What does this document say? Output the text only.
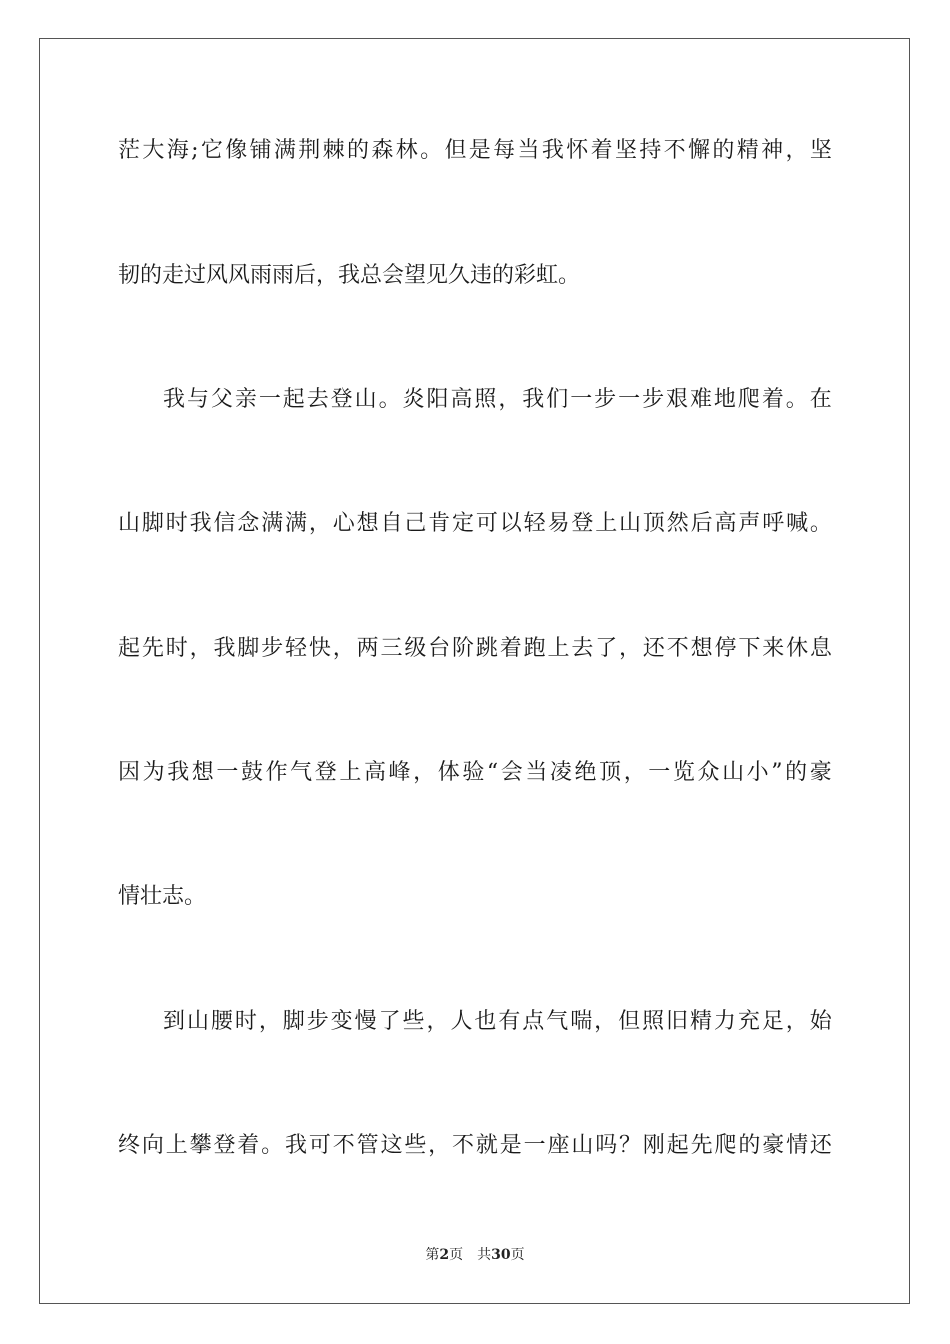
茫 大 海 ; 它 像 铺 满 荆 棘 的 森 林 。 但 是 每 当 我 怀 着 坚 持 不 懈 的 精 神 ， 坚
韧的走过风风雨雨后，我总会望见久违的彩虹。
我 与 父 亲 一 起 去 登 山 。 炎 阳 高 照 ， 我 们 一 步 一 步 艰 难 地 爬 着 。 在
山 脚 时 我 信 念 满 满 ， 心 想 自 己 肯 定 可 以 轻 易 登 上 山 顶 然 后 高 声 呼 喊 。
起 先 时 ， 我 脚 步 轻 快 ， 两 三 级 台 阶 跳 着 跑 上 去 了 ， 还 不 想 停 下 来 休 息
因 为 我 想 一 鼓 作 气 登 上 高 峰 ， 体 验 “ 会 当 凌 绝 顶 ， 一 览 众 山 小 ” 的 豪
情壮志。
到 山 腰 时 ， 脚 步 变 慢 了 些 ， 人 也 有 点 气 喘 ， 但 照 旧 精 力 充 足 ， 始
终 向 上 攀 登 着 。 我 可 不 管 这 些 ， 不 就 是 一 座 山 吗 ？ 刚 起 先 爬 的 豪 情 还
第2页 共30页
